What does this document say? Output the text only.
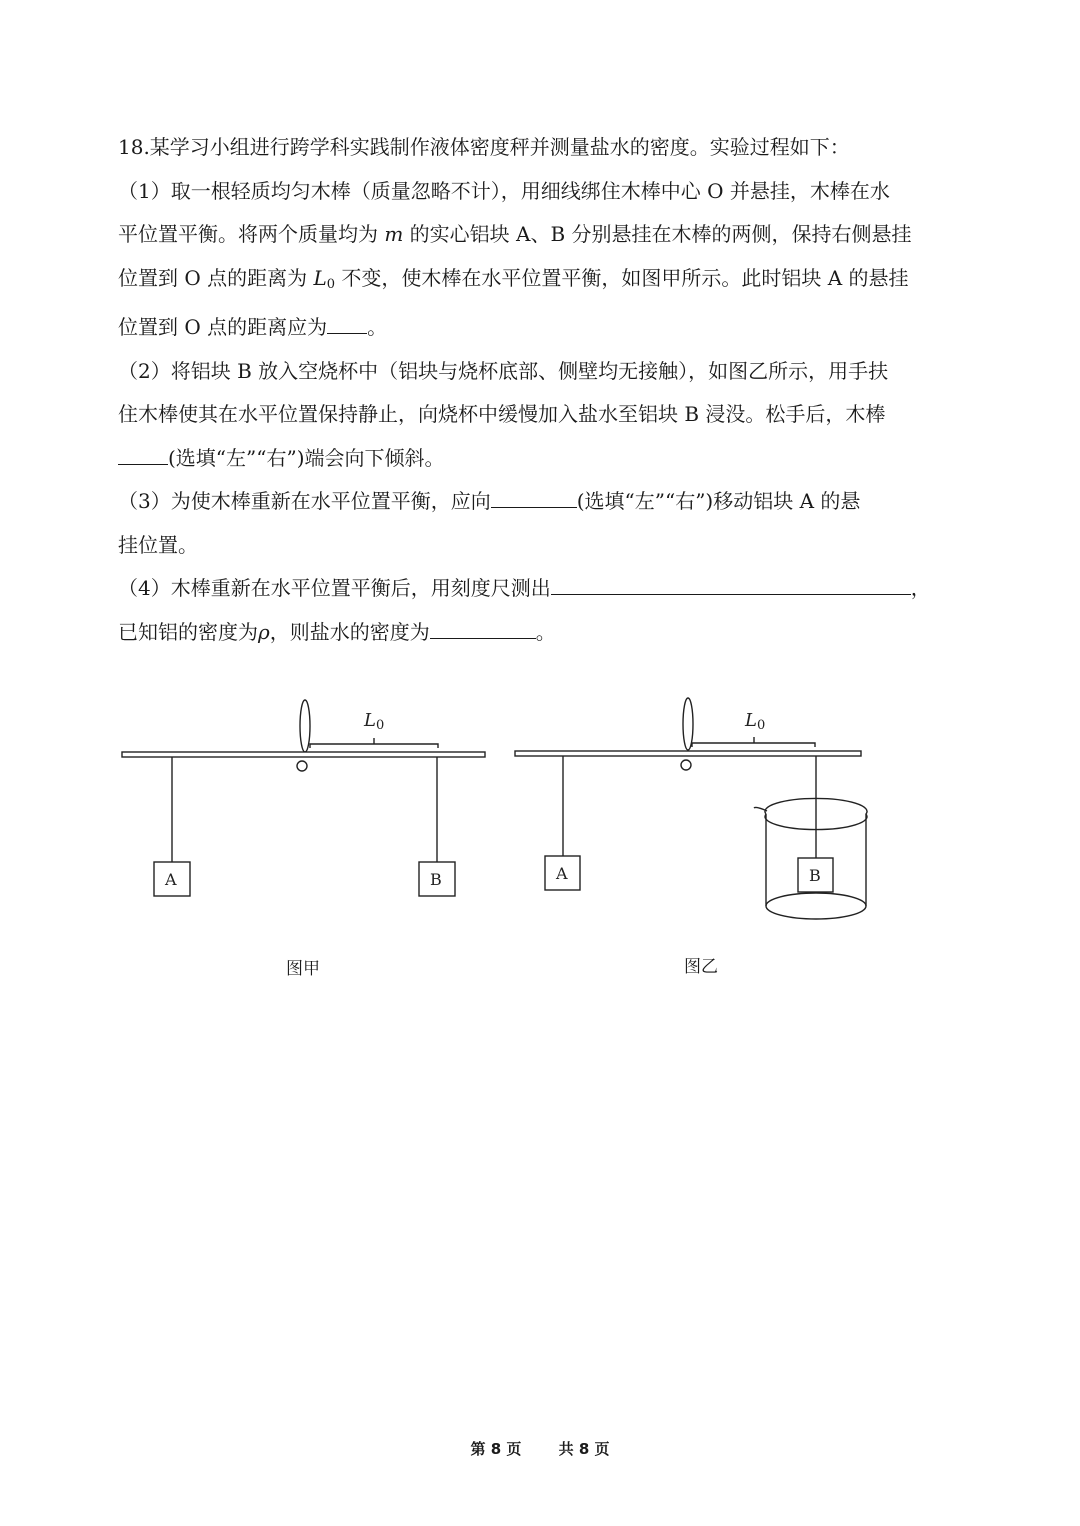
18.某学习小组进行跨学科实践制作液体密度秤并测量盐水的密度。实验过程如下：
（1）取一根轻质均匀木棒（质量忽略不计），用细线绑住木棒中心 O 并悬挂，木棒在水
平位置平衡。将两个质量均为 m 的实心铝块 A、B 分别悬挂在木棒的两侧，保持右侧悬挂
位置到 O 点的距离为 $L_0$ 不变，使木棒在水平位置平衡，如图甲所示。此时铝块 A 的悬挂
位置到 O 点的距离应为 。
（2）将铝块 B 放入空烧杯中（铝块与烧杯底部、侧壁均无接触），如图乙所示，用手扶
住木棒使其在水平位置保持静止，向烧杯中缓慢加入盐水至铝块 B 浸没。松手后，木棒
(选填“左”“右”)端会向下倾斜。
（3）为使木棒重新在水平位置平衡，应向	(选填“左”“右”)移动铝块 A 的悬
挂位置。
（4）木棒重新在水平位置平衡后，用刻度尺测出	，
已知铝的密度为ρ，则盐水的密度为	。
L0
A	B
L0
A	B
图甲	图乙
第 8 页 共 8 页
